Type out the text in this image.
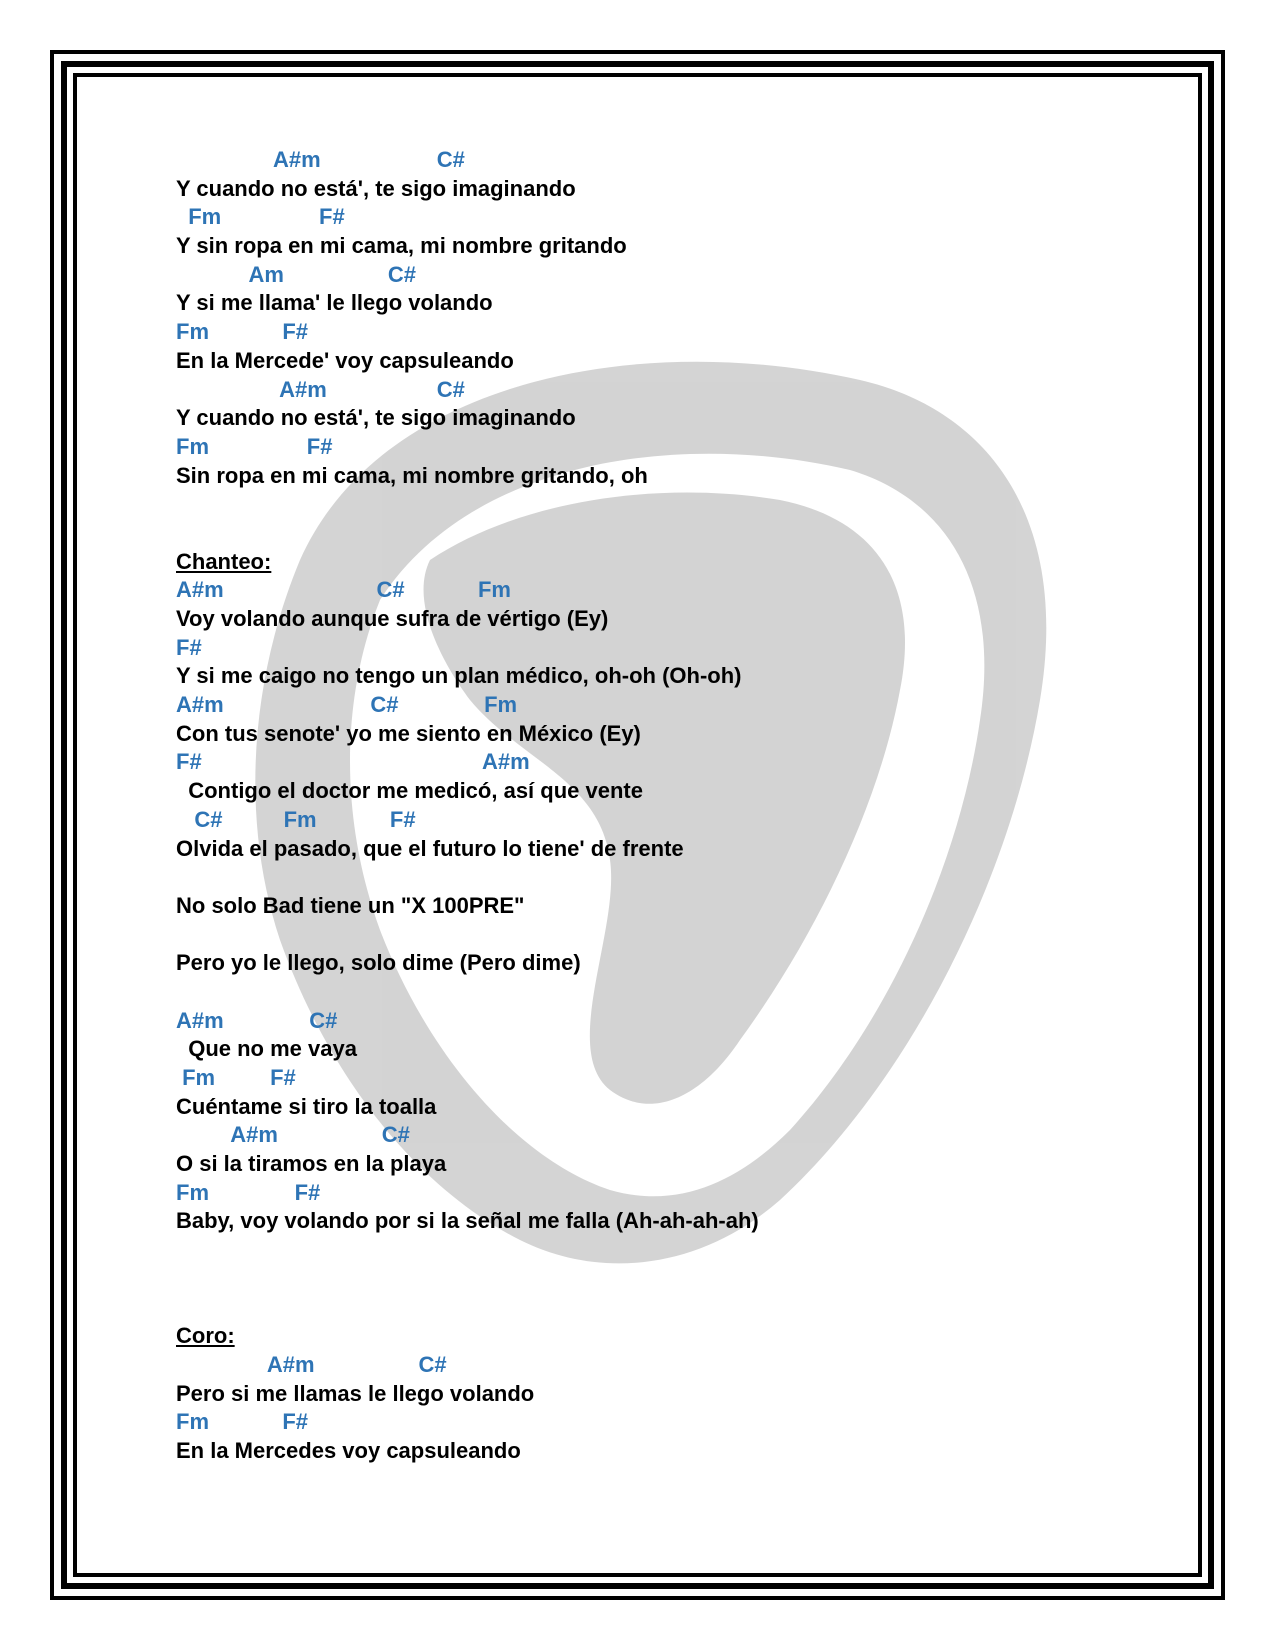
A#m                   C#
Y cuando no está', te sigo imaginando
Fm                F#
Y sin ropa en mi cama, mi nombre gritando
Am                 C#
Y si me llama' le llego volando
Fm            F#
En la Mercede' voy capsuleando
A#m                  C#
Y cuando no está', te sigo imaginando
Fm                F#
Sin ropa en mi cama, mi nombre gritando, oh
Chanteo:
A#m                         C#            Fm
Voy volando aunque sufra de vértigo (Ey)
F#
Y si me caigo no tengo un plan médico, oh-oh (Oh-oh)
A#m                        C#              Fm
Con tus senote' yo me siento en México (Ey)
F#                                              A#m
Contigo el doctor me medicó, así que vente
C#          Fm            F#
Olvida el pasado, que el futuro lo tiene' de frente
No solo Bad tiene un "X 100PRE"
Pero yo le llego, solo dime (Pero dime)
A#m              C#
Que no me vaya
Fm         F#
Cuéntame si tiro la toalla
A#m                 C#
O si la tiramos en la playa
Fm              F#
Baby, voy volando por si la señal me falla (Ah-ah-ah-ah)
Coro:
A#m                 C#
Pero si me llamas le llego volando
Fm            F#
En la Mercedes voy capsuleando
